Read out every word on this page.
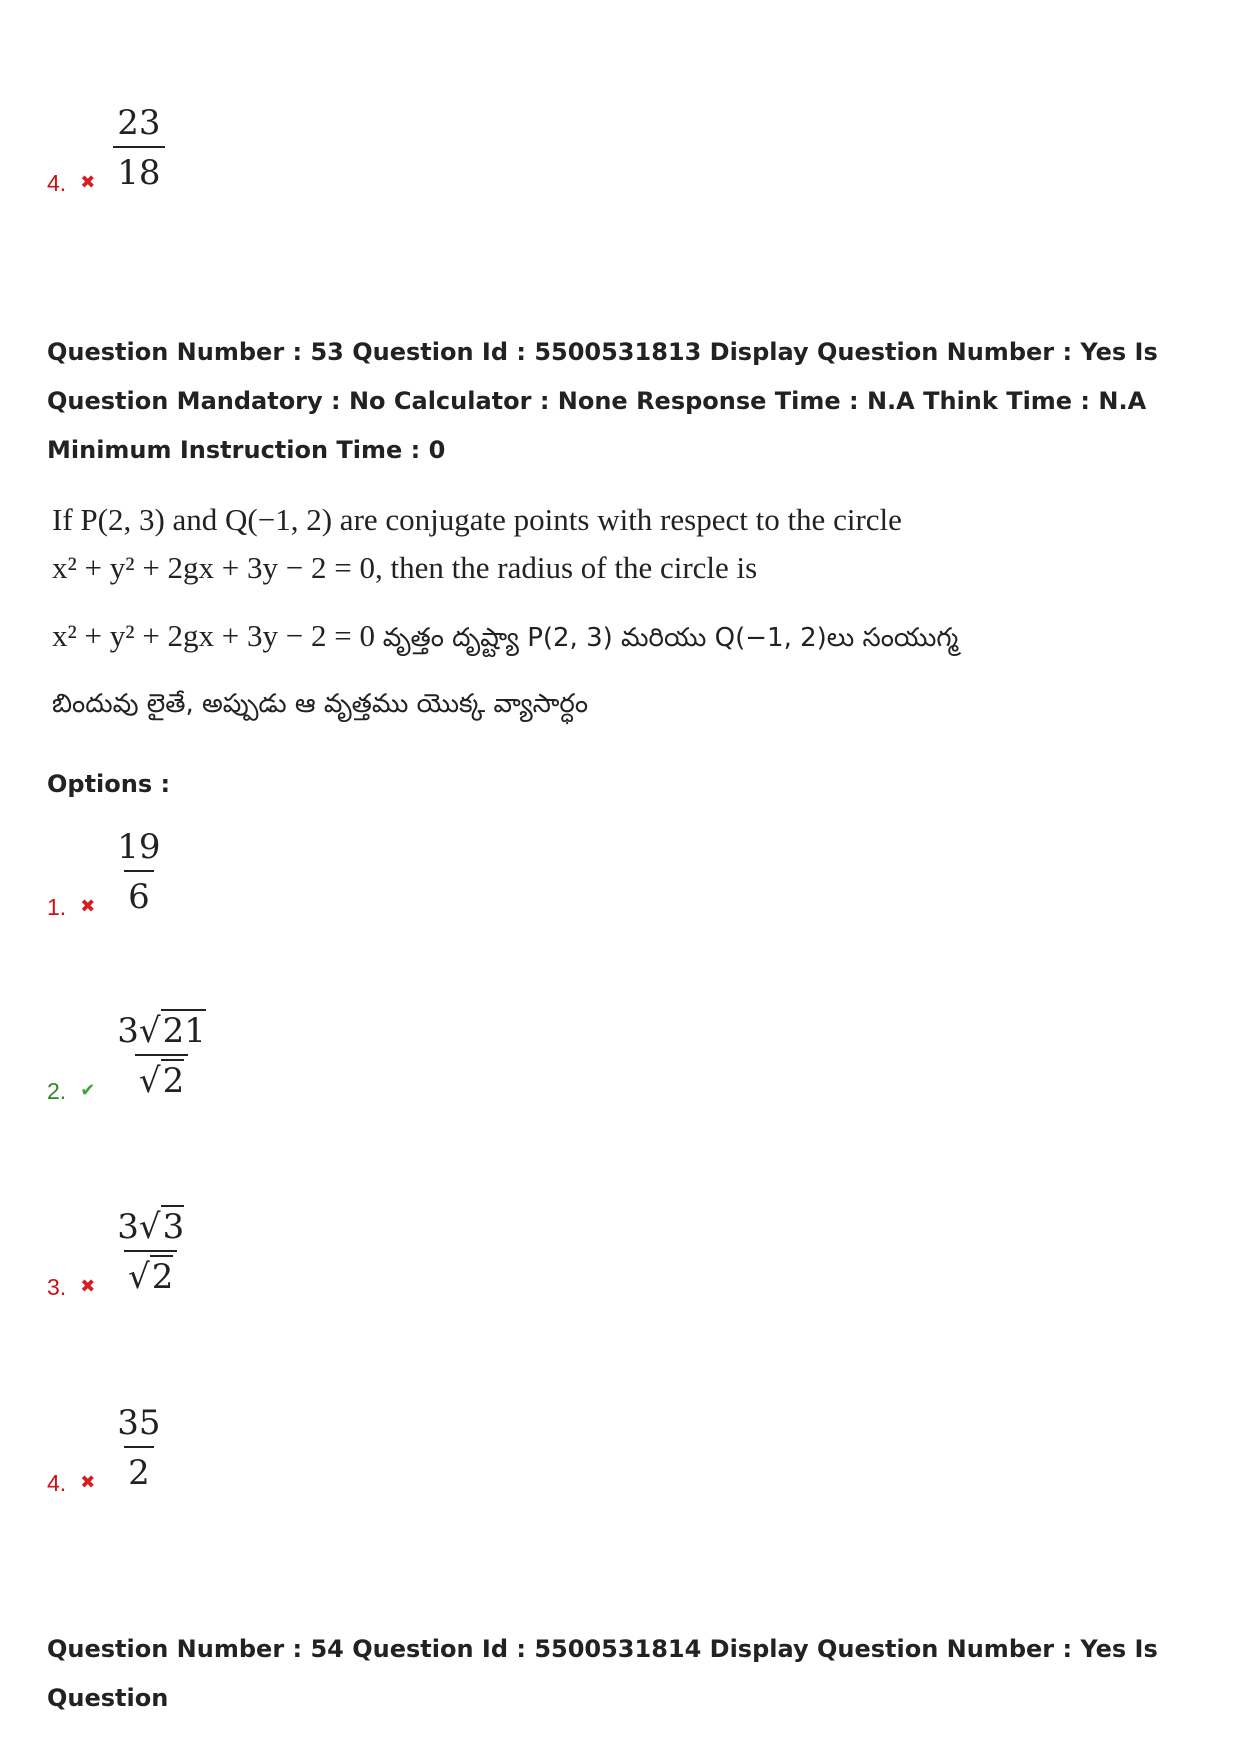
4. ✖ $\frac{23}{18}$
Question Number : 53 Question Id : 5500531813 Display Question Number : Yes Is Question Mandatory : No Calculator : None Response Time : N.A Think Time : N.A Minimum Instruction Time : 0
If P(2, 3) and Q(−1, 2) are conjugate points with respect to the circle
x² + y² + 2gx + 3y − 2 = 0, then the radius of the circle is
x² + y² + 2gx + 3y − 2 = 0 వృత్తం దృష్ట్యా P(2, 3) మరియు Q(−1, 2)లు సంయుగ్మ
బిందువు లైతే, అప్పుడు ఆ వృత్తము యొక్క వ్యాసార్ధం
Options :
1. ✖ $\frac{19}{6}$
2. ✔ $\frac{3√21}{√2}$
3. ✖ $\frac{3√3}{√2}$
4. ✖ $\frac{35}{2}$
Question Number : 54 Question Id : 5500531814 Display Question Number : Yes Is Question
